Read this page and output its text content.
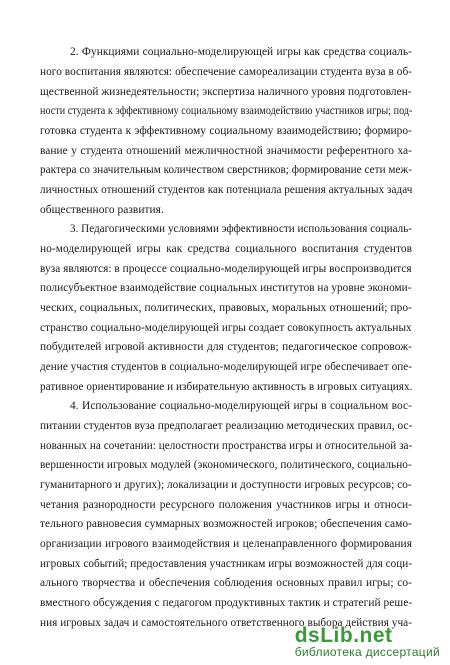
2. Функциями социально-моделирующей игры как средства социаль-
ного воспитания являются: обеспечение самореализации студента вуза в об-
щественной жизнедеятельности; экспертиза наличного уровня подготовлен-
ности студента к эффективному социальному взаимодействию участников игры; под-
готовка студента к эффективному социальному взаимодействию; формиро-
вание у студента отношений межличностной значимости референтного ха-
рактера со значительным количеством сверстников; формирование сети меж-
личностных отношений студентов как потенциала решения актуальных задач
общественного развития.
3. Педагогическими условиями эффективности использования социаль-
но-моделирующей игры как средства социального воспитания студентов
вуза являются: в процессе социально-моделирующей игры воспроизводится
полисубъектное взаимодействие социальных институтов на уровне экономи-
ческих, социальных, политических, правовых, моральных отношений; про-
странство социально-моделирующей игры создает совокупность актуальных
побудителей игровой активности для студентов; педагогическое сопровож-
дение участия студентов в социально-моделирующей игре обеспечивает опе-
ративное ориентирование и избирательную активность в игровых ситуациях.
4. Использование социально-моделирующей игры в социальном вос-
питании студентов вуза предполагает реализацию методических правил, ос-
нованных на сочетании: целостности пространства игры и относительной за-
вершенности игровых модулей (экономического, политического, социально-
гуманитарного и других); локализации и доступности игровых ресурсов; со-
четания разнородности ресурсного положения участников игры и относи-
тельного равновесия суммарных возможностей игроков; обеспечения само-
организации игрового взаимодействия и целенаправленного формирования
игровых событий; предоставления участникам игры возможностей для соци-
ального творчества и обеспечения соблюдения основных правил игры; со-
вместного обсуждения с педагогом продуктивных тактик и стратегий реше-
ния игровых задач и самостоятельного ответственного выбора действия уча-
dsLib.net
библиотека диссертаций
